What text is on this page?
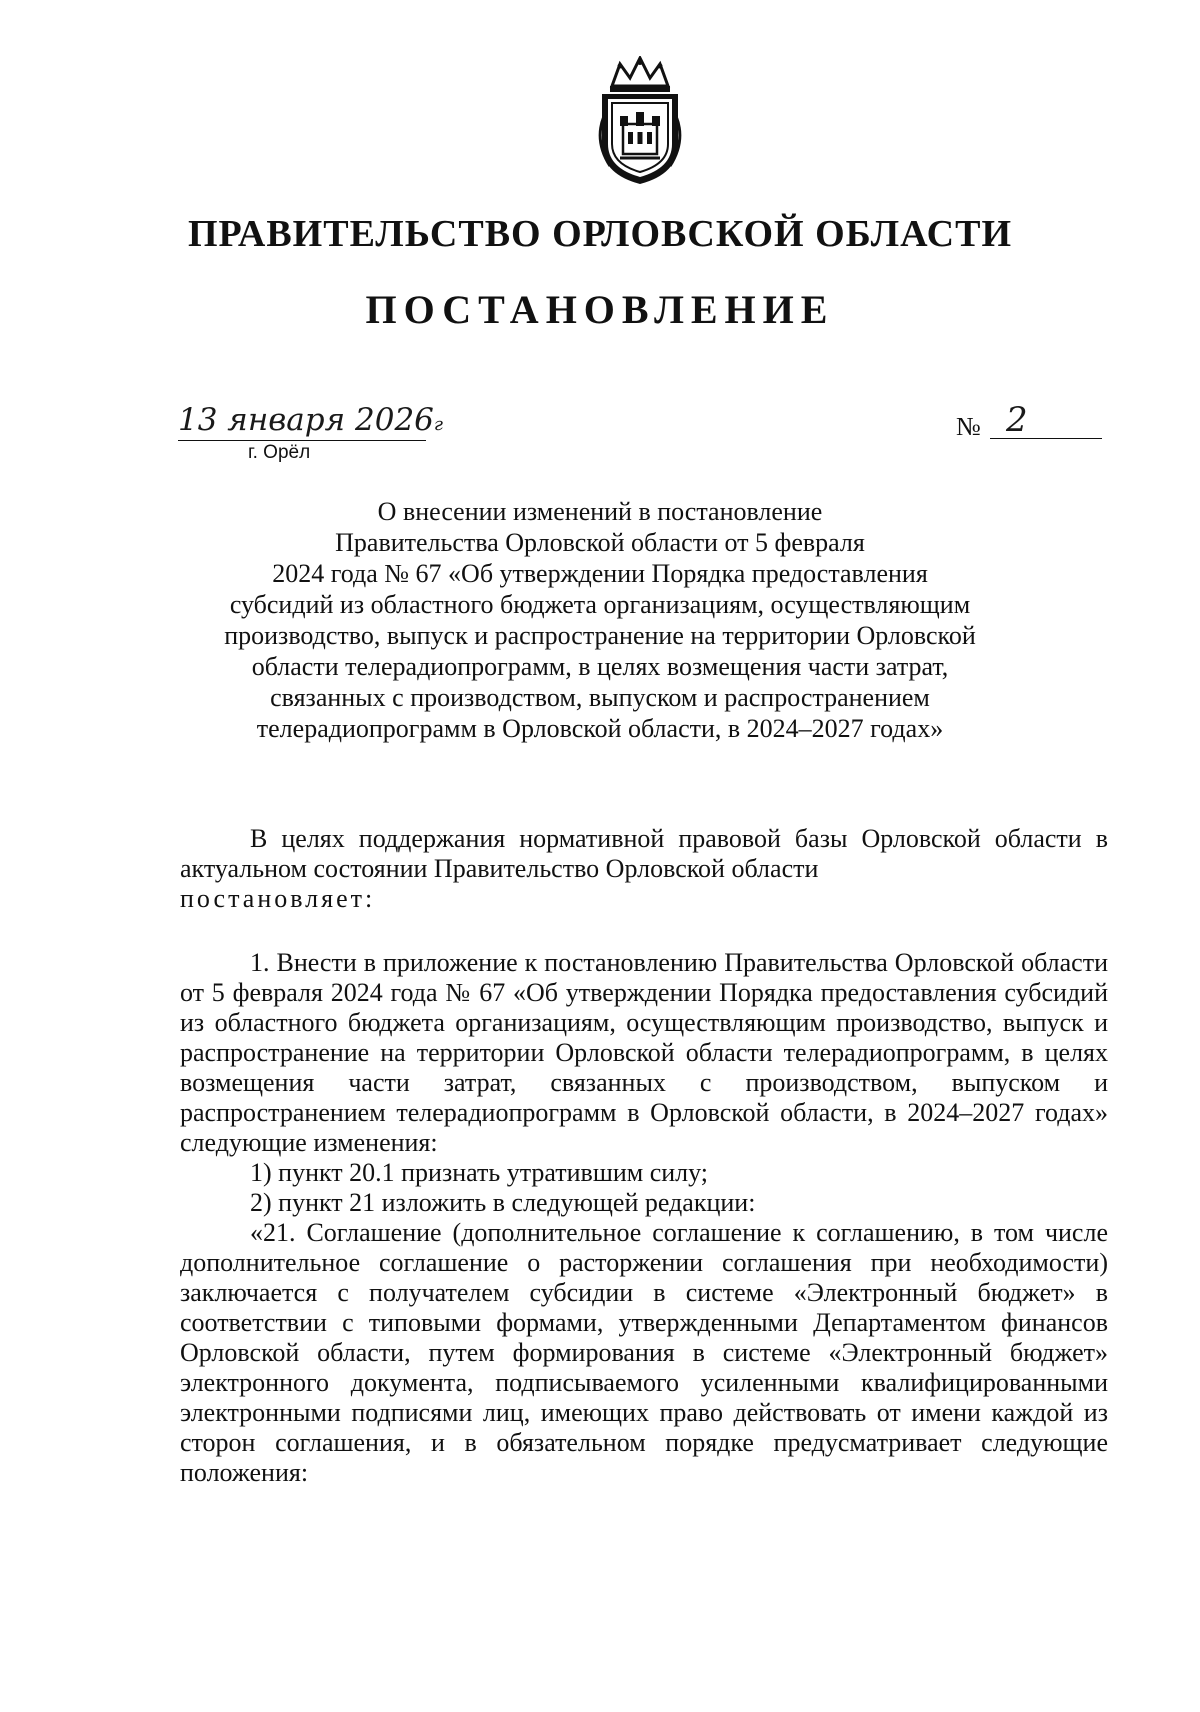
ПРАВИТЕЛЬСТВО ОРЛОВСКОЙ ОБЛАСТИ
ПОСТАНОВЛЕНИЕ
13 января 2026г
г. Орёл
№ 2
О внесении изменений в постановление
Правительства Орловской области от 5 февраля
2024 года № 67 «Об утверждении Порядка предоставления
субсидий из областного бюджета организациям, осуществляющим
производство, выпуск и распространение на территории Орловской
области телерадиопрограмм, в целях возмещения части затрат,
связанных с производством, выпуском и распространением
телерадиопрограмм в Орловской области, в 2024–2027 годах»

В целях поддержания нормативной правовой базы Орловской области в актуальном состоянии Правительство Орловской области

постановляет:

1. Внести в приложение к постановлению Правительства Орловской области от 5 февраля 2024 года № 67 «Об утверждении Порядка предоставления субсидий из областного бюджета организациям, осуществляющим производство, выпуск и распространение на территории Орловской области телерадиопрограмм, в целях возмещения части затрат, связанных с производством, выпуском и распространением телерадиопрограмм в Орловской области, в 2024–2027 годах» следующие изменения:

1) пункт 20.1 признать утратившим силу;

2) пункт 21 изложить в следующей редакции:

«21. Соглашение (дополнительное соглашение к соглашению, в том числе дополнительное соглашение о расторжении соглашения при необходимости) заключается с получателем субсидии в системе «Электронный бюджет» в соответствии с типовыми формами, утвержденными Департаментом финансов Орловской области, путем формирования в системе «Электронный бюджет» электронного документа, подписываемого усиленными квалифицированными электронными подписями лиц, имеющих право действовать от имени каждой из сторон соглашения, и в обязательном порядке предусматривает следующие положения:
